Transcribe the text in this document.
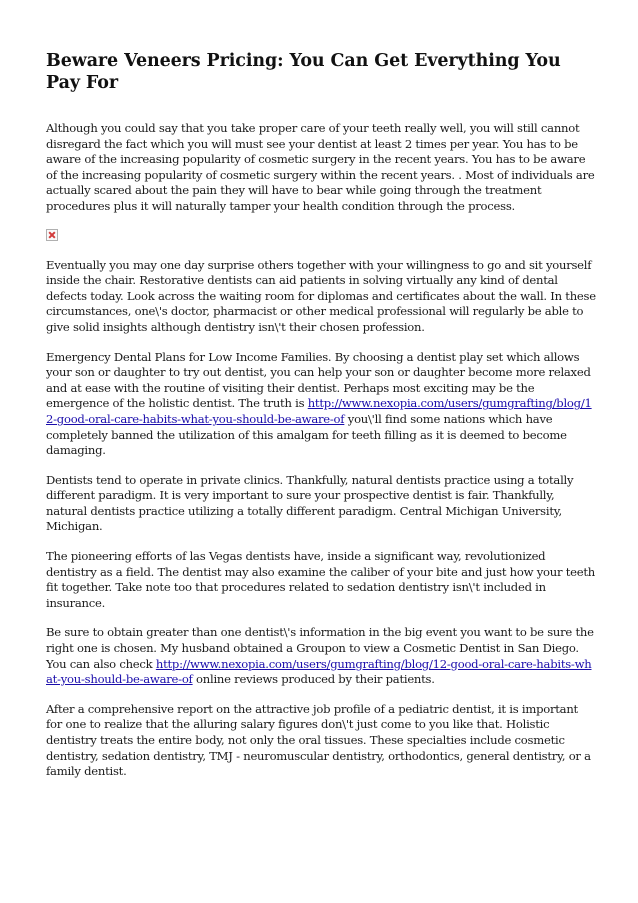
Beware Veneers Pricing: You Can Get Everything You Pay For

Although you could say that you take proper care of your teeth really well, you will still cannot disregard the fact which you will must see your dentist at least 2 times per year. You has to be aware of the increasing popularity of cosmetic surgery in the recent years. You has to be aware of the increasing popularity of cosmetic surgery within the recent years. . Most of individuals are actually scared about the pain they will have to bear while going through the treatment procedures plus it will naturally tamper your health condition through the process.

Eventually you may one day surprise others together with your willingness to go and sit yourself inside the chair. Restorative dentists can aid patients in solving virtually any kind of dental defects today. Look across the waiting room for diplomas and certificates about the wall. In these circumstances, one\'s doctor, pharmacist or other medical professional will regularly be able to give solid insights although dentistry isn\'t their chosen profession.

Emergency Dental Plans for Low Income Families. By choosing a dentist play set which allows your son or daughter to try out dentist, you can help your son or daughter become more relaxed and at ease with the routine of visiting their dentist. Perhaps most exciting may be the emergence of the holistic dentist. The truth is http://www.nexopia.com/users/gumgrafting/blog/12-good-oral-care-habits-what-you-should-be-aware-of you\'ll find some nations which have completely banned the utilization of this amalgam for teeth filling as it is deemed to become damaging.

Dentists tend to operate in private clinics. Thankfully, natural dentists practice using a totally different paradigm. It is very important to sure your prospective dentist is fair. Thankfully, natural dentists practice utilizing a totally different paradigm. Central Michigan University, Michigan.

The pioneering efforts of las Vegas dentists have, inside a significant way, revolutionized dentistry as a field. The dentist may also examine the caliber of your bite and just how your teeth fit together. Take note too that procedures related to sedation dentistry isn\'t included in insurance.

Be sure to obtain greater than one dentist\'s information in the big event you want to be sure the right one is chosen. My husband obtained a Groupon to view a Cosmetic Dentist in San Diego. You can also check http://www.nexopia.com/users/gumgrafting/blog/12-good-oral-care-habits-what-you-should-be-aware-of online reviews produced by their patients.

After a comprehensive report on the attractive job profile of a pediatric dentist, it is important for one to realize that the alluring salary figures don\'t just come to you like that. Holistic dentistry treats the entire body, not only the oral tissues. These specialties include cosmetic dentistry, sedation dentistry, TMJ - neuromuscular dentistry, orthodontics, general dentistry, or a family dentist.
